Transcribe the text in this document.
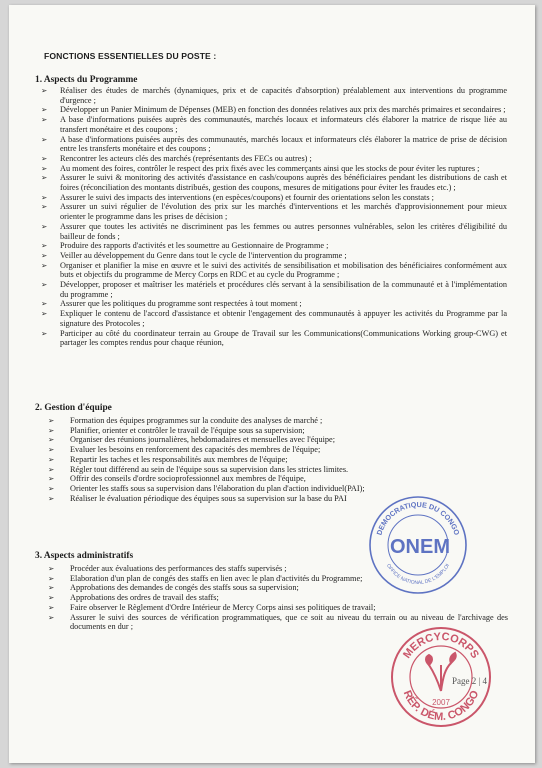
FONCTIONS ESSENTIELLES DU POSTE :
1. Aspects du Programme
➢ Réaliser des études de marchés (dynamiques, prix et de capacités d'absorption) préalablement aux interventions du programme d'urgence ;
➢ Développer un Panier Minimum de Dépenses (MEB) en fonction des données relatives aux prix des marchés primaires et secondaires ;
➢ A base d'informations puisées auprès des communautés, marchés locaux et informateurs clés élaborer la matrice de risque liée au transfert monétaire et des coupons ;
➢ A base d'informations puisées auprès des communautés, marchés locaux et informateurs clés élaborer la matrice de prise de décision entre les transferts monétaire et des coupons ;
➢ Rencontrer les acteurs clés des marchés (représentants des FECs ou autres) ;
➢ Au moment des foires, contrôler le respect des prix fixés avec les commerçants ainsi que les stocks de pour éviter les ruptures ;
➢ Assurer le suivi & monitoring des activités d'assistance en cash/coupons auprès des bénéficiaires pendant les distributions de cash et foires (réconciliation des montants distribués, gestion des coupons, mesures de mitigations pour éviter les fraudes etc.) ;
➢ Assurer le suivi des impacts des interventions (en espèces/coupons) et fournir des orientations selon les constats ;
➢ Assurer un suivi régulier de l'évolution des prix sur les marchés d'interventions et les marchés d'approvisionnement pour mieux orienter le programme dans les prises de décision ;
➢ Assurer que toutes les activités ne discriminent pas les femmes ou autres personnes vulnérables, selon les critères d'éligibilité du bailleur de fonds ;
➢ Produire des rapports d'activités et les soumettre au Gestionnaire de Programme ;
➢ Veiller au développement du Genre dans tout le cycle de l'intervention du programme ;
➢ Organiser et planifier la mise en œuvre et le suivi des activités de sensibilisation et mobilisation des bénéficiaires conformément aux buts et objectifs du programme de Mercy Corps en RDC et au cycle du Programme ;
➢ Développer, proposer et maîtriser les matériels et procédures clés servant à la sensibilisation de la communauté et à l'implémentation du programme ;
➢ Assurer que les politiques du programme sont respectées à tout moment ;
➢ Expliquer le contenu de l'accord d'assistance et obtenir l'engagement des communautés à appuyer les activités du Programme par la signature des Protocoles ;
➢ Participer au côté du coordinateur terrain au Groupe de Travail sur les Communications(Communications Working group-CWG) et partager les comptes rendus pour chaque réunion,
2. Gestion d'équipe
➢ Formation des équipes programmes sur la conduite des analyses de marché ;
➢ Planifier, orienter et contrôler le travail de l'équipe sous sa supervision;
➢ Organiser des réunions journalières, hebdomadaires et mensuelles avec l'équipe;
➢ Evaluer les besoins en renforcement des capacités des membres de l'équipe;
➢ Repartir les taches et les responsabilités aux membres de l'équipe;
➢ Régler tout différend au sein de l'équipe sous sa supervision dans les strictes limites.
➢ Offrir des conseils d'ordre socioprofessionnel aux membres de l'équipe,
➢ Orienter les staffs sous sa supervision dans l'élaboration du plan d'action individuel(PAI);
➢ Réaliser le évaluation périodique des équipes sous sa supervision sur la base du PAI
3. Aspects administratifs
➢ Procéder aux évaluations des performances des staffs supervisés ;
➢ Elaboration d'un plan de congés des staffs en lien avec le plan d'activités du Programme;
➢ Approbations des demandes de congés des staffs sous sa supervision;
➢ Approbations des ordres de travail des staffs;
➢ Faire observer le Règlement d'Ordre Intérieur de Mercy Corps ainsi ses politiques de travail;
➢ Assurer le suivi des sources de vérification programmatiques, que ce soit au niveau du terrain ou au niveau de l'archivage des documents en dur ;
DEMOCRATIQUE DU CONGO
OFFICE NATIONAL DE L'EMPLOI
ONEM
MERCYCORPS
RÉP. DÉM. CONGO
2007
Page 2 | 4
